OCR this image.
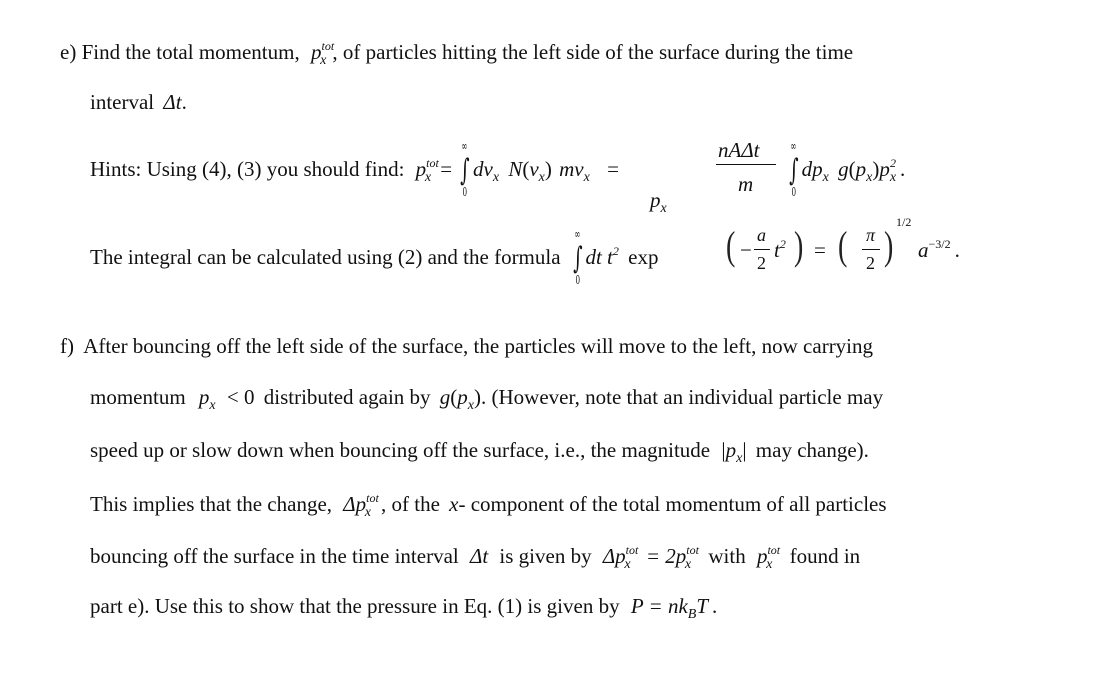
e) Find the total momentum, $p^{tot}_x$ , of particles hitting the left side of the surface during the time
interval Δt.
Hints: Using (4), (3) you should find: $p^{tot}_x$ = ∫
∞
0
$dv_x$ $N(v_x) mv_x$ =
$p_x$
nAΔt
m ∫
∞
0
$dp_x$ $g(p_x)p_x^2$ .
The integral can be calculated using (2) and the formula ∫
∞
0
dt $t^2$ exp ( −
a
2
$t^2$ ) = ( π
2 )
1/2
$a^{-3/2}$ .
f) After bouncing off the left side of the surface, the particles will move to the left, now carrying
momentum $p_x < 0$ distributed again by $g(p_x)$. (However, note that an individual particle may
speed up or slow down when bouncing off the surface, i.e., the magnitude $|p_x|$ may change).
This implies that the change, $\Delta p^{tot}_x$ , of the x- component of the total momentum of all particles
bouncing off the surface in the time interval Δt is given by $\Delta p^{tot}_x = 2p^{tot}_x$ with $p^{tot}_x$ found in
part e). Use this to show that the pressure in Eq. (1) is given by $P = nk_BT$ .
